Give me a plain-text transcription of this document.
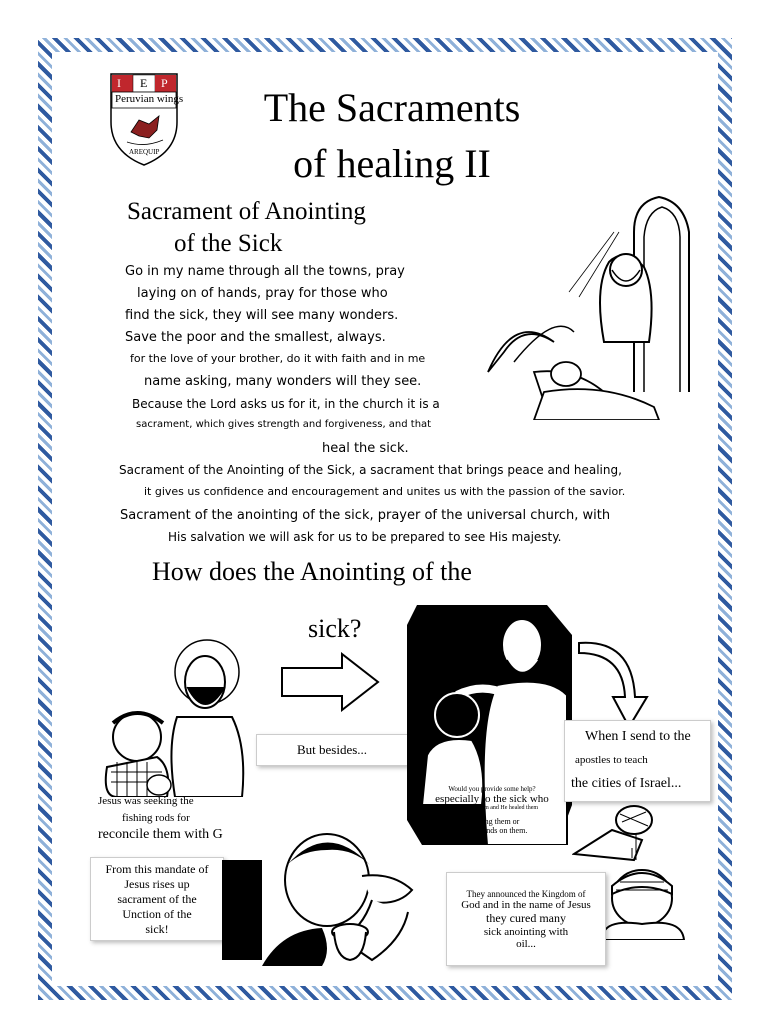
I E P
Peruvian wings
AREQUIP
The Sacraments
of healing II
Sacrament of Anointing
of the Sick
Go in my name through all the towns, pray
laying on of hands, pray for those who
find the sick, they will see many wonders.
Save the poor and the smallest, always.
for the love of your brother, do it with faith and in me
name asking, many wonders will they see.
Because the Lord asks us for it, in the church it is a
sacrament, which gives strength and forgiveness, and that
heal the sick.
Sacrament of the Anointing of the Sick, a sacrament that brings peace and healing,
it gives us confidence and encouragement and unites us with the passion of the savior.
Sacrament of the anointing of the sick, prayer of the universal church, with
His salvation we will ask for us to be prepared to see His majesty.
How does the Anointing of the
sick?
But besides...
When I send to the
apostles to teach
the cities of Israel...
Jesus was seeking the
fishing rods for
reconcile them with G
Would you provide some help?
especially to the sick who
they came to Him and He healed them
touching them or
laying hands on them.
From this mandate of
Jesus rises up
sacrament of the
Unction of the
sick!
They announced the Kingdom of
God and in the name of Jesus
they cured many
sick anointing with
oil...
